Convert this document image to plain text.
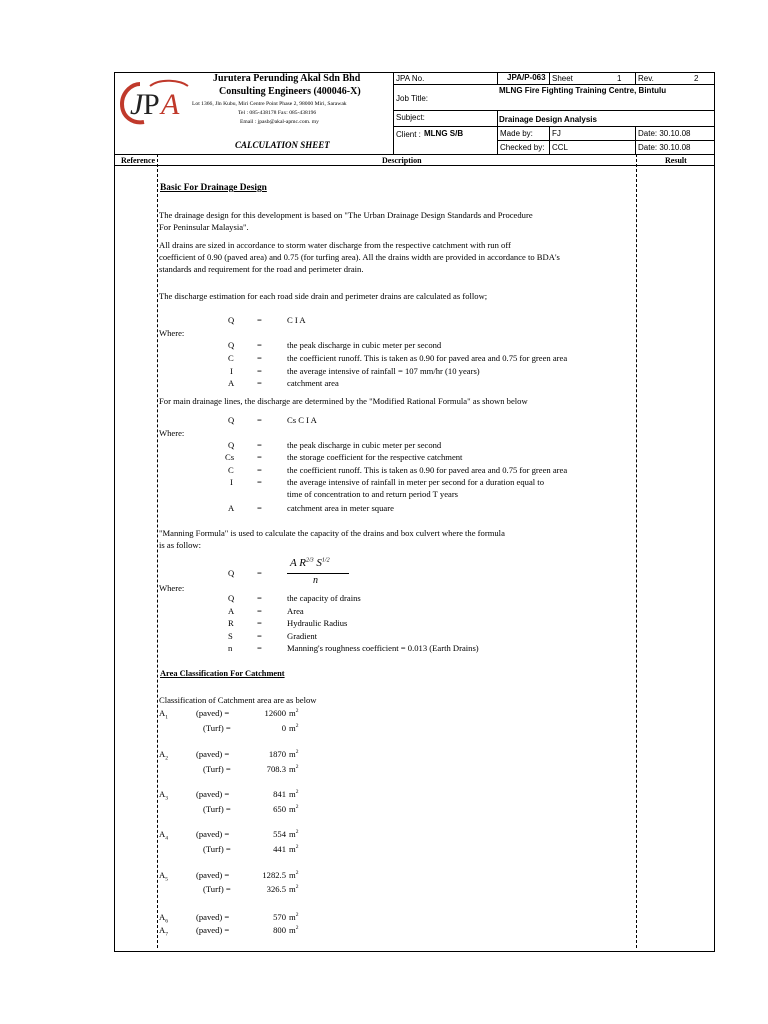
J P A
Jurutera Perunding Akal Sdn Bhd
Consulting Engineers (400046-X)
Lot 1366, Jln Kubu, Miri Centre Point Phase 2, 98000 Miri, Sarawak
Tel : 085-438178 Fax: 085-438196
Email : jpasb@akal-apmc.com. my
CALCULATION SHEET
JPA No.	JPA/P-063 Sheet	1 Rev.	2
Job Title:
MLNG Fire Fighting Training Centre, Bintulu
Subject:	Drainage Design Analysis
Client : MLNG S/B	Made by: FJ	Date: 30.10.08
Checked by: CCL	Date: 30.10.08
Reference	Description	Result
Basic For Drainage Design
The drainage design for this development is based on "The Urban Drainage Design Standards and Procedure
For Peninsular Malaysia".
All drains are sized in accordance to storm water discharge from the respective catchment with run off
coefficient of 0.90 (paved area) and 0.75 (for turfing area). All the drains width are provided in accordance to BDA's
standards and requirement for the road and perimeter drain.
The discharge estimation for each road side drain and perimeter drains are calculated as follow;
Q	=	C I A
Where:
Q	=	the peak discharge in cubic meter per second
C	=	the coefficient runoff. This is taken as 0.90 for paved area and 0.75 for green area
I	=	the average intensive of rainfall = 107 mm/hr (10 years)
A	=	catchment area
For main drainage lines, the discharge are determined by the "Modified Rational Formula" as shown below
Q	=	Cs C I A
Where:
Q	=	the peak discharge in cubic meter per second
Cs	=	the storage coefficient for the respective catchment
C	=	the coefficient runoff. This is taken as 0.90 for paved area and 0.75 for green area
I	=	the average intensive of rainfall in meter per second for a duration equal to
time of concentration to and return period T years
A	=	catchment area in meter square
"Manning Formula" is used to calculate the capacity of the drains and box culvert where the formula
is as follow:
Q	=
A $R^{2/3}$ $S^{1/2}$
n
Where:
Q	=	the capacity of drains
A	=	Area
R	=	Hydraulic Radius
S	=	Gradient
n	=	Manning's roughness coefficient = 0.013 (Earth Drains)
Area Classification For Catchment
Classification of Catchment area are as below
$A_1$	(paved) =	12600 $m^2$
(Turf) =	0 $m^2$
$A_2$	(paved) =	1870 $m^2$
(Turf) =	708.3 $m^2$
$A_3$	(paved) =	841 $m^2$
(Turf) =	650 $m^2$
$A_4$	(paved) =	554 $m^2$
(Turf) =	441 $m^2$
$A_5$	(paved) =	1282.5 $m^2$
(Turf) =	326.5 $m^2$
$A_6$	(paved) =	570 $m^2$
$A_7$	(paved) =	800 $m^2$
